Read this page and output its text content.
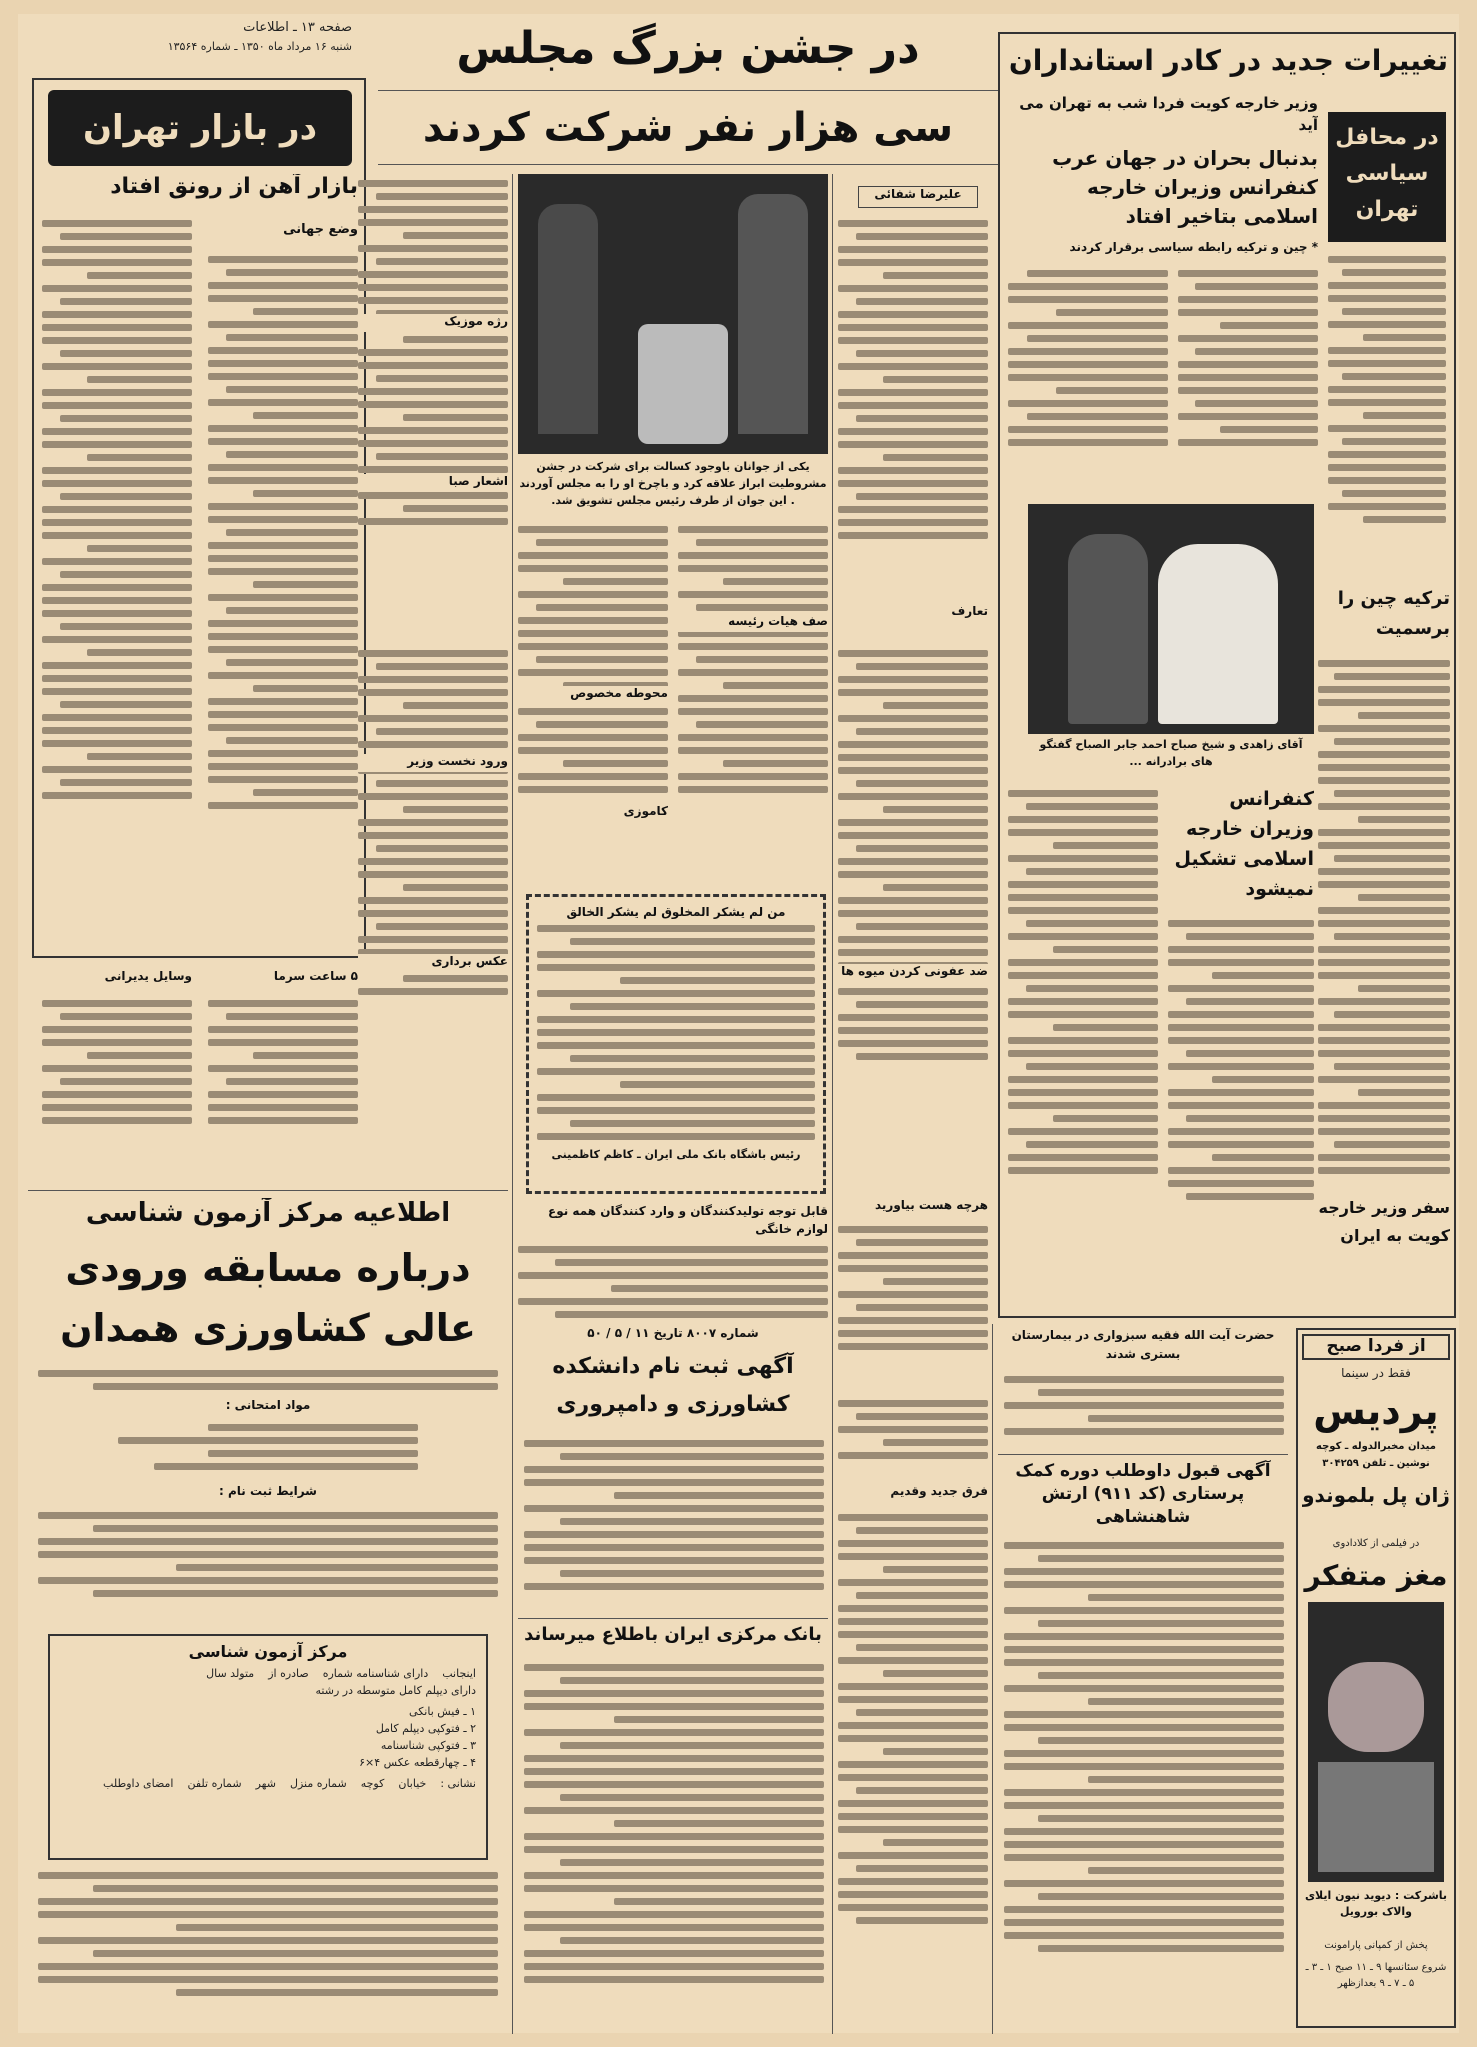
صفحه ۱۳ ـ اطلاعات
شنبه ۱۶ مرداد ماه ۱۳۵۰ ـ شماره ۱۳۵۶۴	در جشن بزرگ مجلس
سی هزار نفر شرکت کردند	در محافل سیاسی تهران
تغییرات جدید در کادر استانداران
وزیر خارجه کویت فردا شب به تهران می آید
بدنبال بحران در جهان عرب کنفرانس وزیران خارجه اسلامی بتاخیر افتاد
* چین و ترکیه رابطه سیاسی برقرار کردند
آقای زاهدی و شیخ صباح احمد جابر الصباح گفتگو های برادرانه ...
ترکیه چین را برسمیت
کنفرانس وزیران خارجه اسلامی تشکیل نمیشود
سفر وزیر خارجه کویت به ایران
در بازار تهران
بازار آهن از رونق افتاد
وضع جهانی
۵ ساعت سرما
وسایل یدیرانی
یکی از جوانان باوجود کسالت برای شرکت در جشن مشروطیت ابراز علاقه کرد و باچرخ او را به مجلس آوردند . این جوان از طرف رئیس مجلس تشویق شد.
علیرضا شفائی
رژه موزیک
اشعار صبا
تعارف
محوطه مخصوص
کاموزی
صف هیات رئیسه
ورود نخست وزیر
عکس برداری
من لم یشکر المخلوق لم یشکر الخالق
رئیس باشگاه بانک ملی ایران ـ کاظم کاظمینی
ضد عفونی کردن میوه ها
هرچه هست بیاورید
قابل توجه تولیدکنندگان و وارد کنندگان همه نوع لوازم خانگی
اطلاعیه مرکز آزمون شناسی
درباره مسابقه ورودی
عالی کشاورزی همدان
مواد امتحانی :
شرایط ثبت نام :
مرکز آزمون شناسی
اینجانب
دارای شناسنامه شماره
صادره از
متولد سال
دارای دیپلم کامل متوسطه در رشته
۱ ـ فیش بانکی
۲ ـ فتوکپی دیپلم کامل
۳ ـ فتوکپی شناسنامه
۴ ـ چهارقطعه عکس ۴×۶
نشانی :
خیابان
کوچه
شماره منزل
شهر
شماره تلفن
امضای داوطلب
شماره ۸۰۰۷ تاریخ ۱۱ / ۵ / ۵۰
آگهی ثبت نام دانشکده کشاورزی و دامپروری
بانک مرکزی ایران باطلاع میرساند
فرق جدید وقدیم
حضرت آیت الله فقیه سبزواری در بیمارستان بستری شدند
آگهی قبول داوطلب دوره کمک پرستاری (کد ۹۱۱) ارتش شاهنشاهی
از فردا صبح
فقط در سینما
پردیس
میدان مخبرالدوله ـ کوچه نوشین ـ تلفن ۳۰۴۲۵۹
ژان پل بلموندو
در فیلمی از کلادادوی
مغز متفکر
باشرکت : دیوید نیون ایلای والاک بورویل
پخش از کمپانی پارامونت
شروع سئانسها ۹ ـ ۱۱ صبح ۱ ـ ۳ ـ ۵ ـ ۷ ـ ۹ بعدازظهر
